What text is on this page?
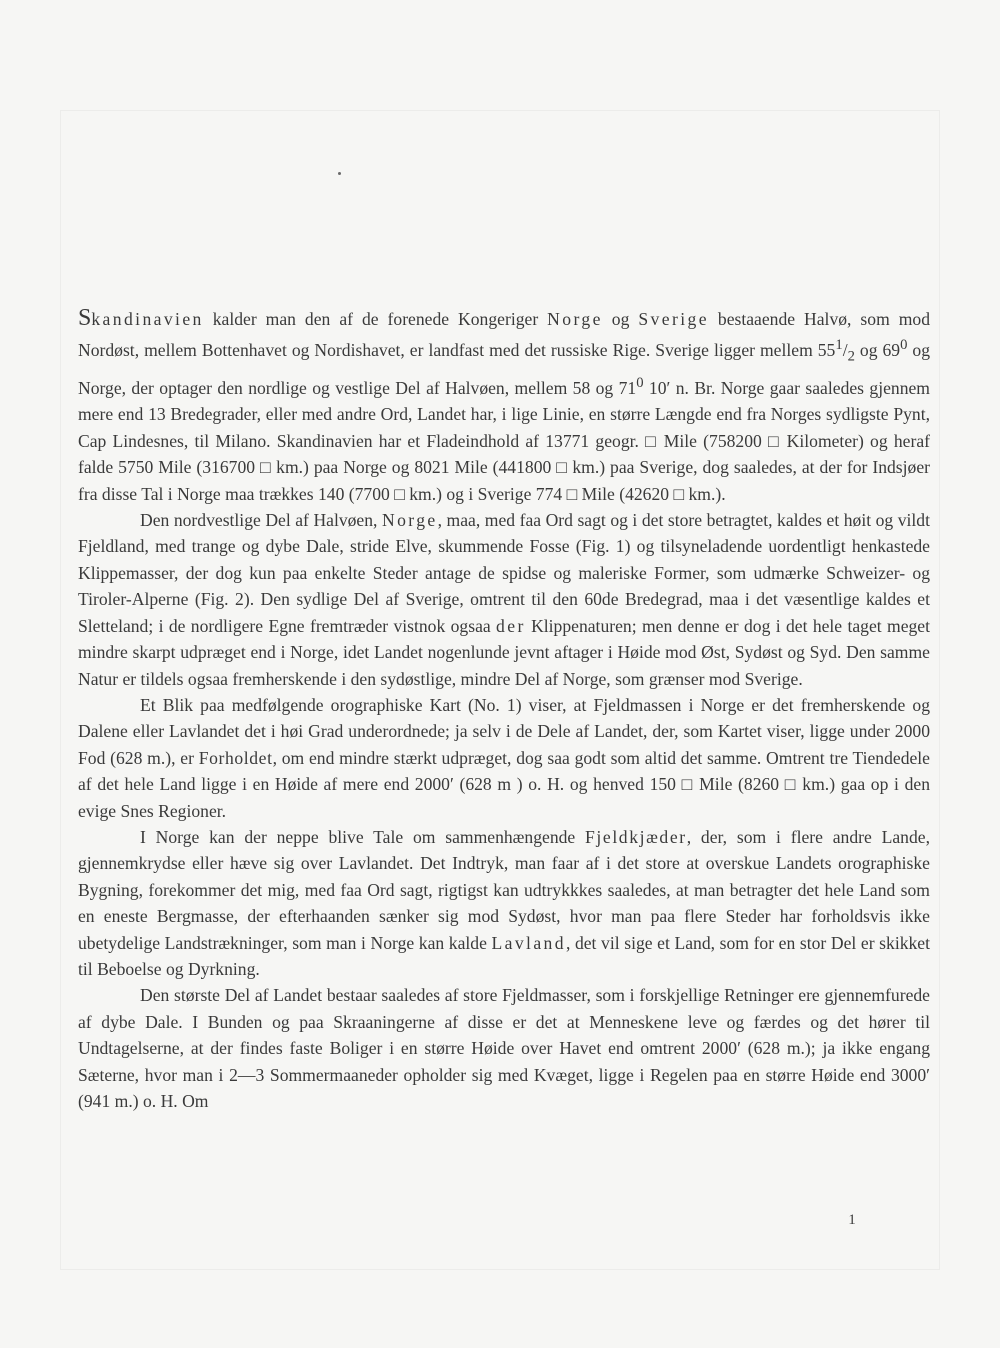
Skandinavien kalder man den af de forenede Kongeriger Norge og Sverige bestaaende Halvø, som mod Nordøst, mellem Bottenhavet og Nordishavet, er landfast med det russiske Rige. Sverige ligger mellem $55^1/_2$ og $69^0$ og Norge, der optager den nordlige og vestlige Del af Halvøen, mellem 58 og $71^0$ 10′ n. Br. Norge gaar saaledes gjennem mere end 13 Bredegrader, eller med andre Ord, Landet har, i lige Linie, en større Længde end fra Norges sydligste Pynt, Cap Lindesnes, til Milano. Skandinavien har et Fladeindhold af 13771 geogr. □ Mile (758200 □ Kilometer) og heraf falde 5750 Mile (316700 □ km.) paa Norge og 8021 Mile (441800 □ km.) paa Sverige, dog saaledes, at der for Indsjøer fra disse Tal i Norge maa trækkes 140 (7700 □ km.) og i Sverige 774 □ Mile (42620 □ km.).

Den nordvestlige Del af Halvøen, Norge, maa, med faa Ord sagt og i det store betragtet, kaldes et høit og vildt Fjeldland, med trange og dybe Dale, stride Elve, skummende Fosse (Fig. 1) og tilsyneladende uordentligt henkastede Klippemasser, der dog kun paa enkelte Steder antage de spidse og maleriske Former, som udmærke Schweizer- og Tiroler-Alperne (Fig. 2). Den sydlige Del af Sverige, omtrent til den 60de Bredegrad, maa i det væsentlige kaldes et Sletteland; i de nordligere Egne fremtræder vistnok ogsaa der Klippenaturen; men denne er dog i det hele taget meget mindre skarpt udpræget end i Norge, idet Landet nogenlunde jevnt aftager i Høide mod Øst, Sydøst og Syd. Den samme Natur er tildels ogsaa fremherskende i den sydøstlige, mindre Del af Norge, som grænser mod Sverige.

Et Blik paa medfølgende orographiske Kart (No. 1) viser, at Fjeldmassen i Norge er det fremherskende og Dalene eller Lavlandet det i høi Grad underordnede; ja selv i de Dele af Landet, der, som Kartet viser, ligge under 2000 Fod (628 m.), er Forholdet, om end mindre stærkt udpræget, dog saa godt som altid det samme. Omtrent tre Tiendedele af det hele Land ligge i en Høide af mere end 2000′ (628 m ) o. H. og henved 150 □ Mile (8260 □ km.) gaa op i den evige Snes Regioner.

I Norge kan der neppe blive Tale om sammenhængende Fjeldkjæder, der, som i flere andre Lande, gjennemkrydse eller hæve sig over Lavlandet. Det Indtryk, man faar af i det store at overskue Landets orographiske Bygning, forekommer det mig, med faa Ord sagt, rigtigst kan udtrykkkes saaledes, at man betragter det hele Land som en eneste Bergmasse, der efterhaanden sænker sig mod Sydøst, hvor man paa flere Steder har forholdsvis ikke ubetydelige Landstrækninger, som man i Norge kan kalde Lavland, det vil sige et Land, som for en stor Del er skikket til Beboelse og Dyrkning.

Den største Del af Landet bestaar saaledes af store Fjeldmasser, som i forskjellige Retninger ere gjennemfurede af dybe Dale. I Bunden og paa Skraaningerne af disse er det at Menneskene leve og færdes og det hører til Undtagelserne, at der findes faste Boliger i en større Høide over Havet end omtrent 2000′ (628 m.); ja ikke engang Sæterne, hvor man i 2—3 Sommermaaneder opholder sig med Kvæget, ligge i Regelen paa en større Høide end 3000′ (941 m.) o. H. Om

1
